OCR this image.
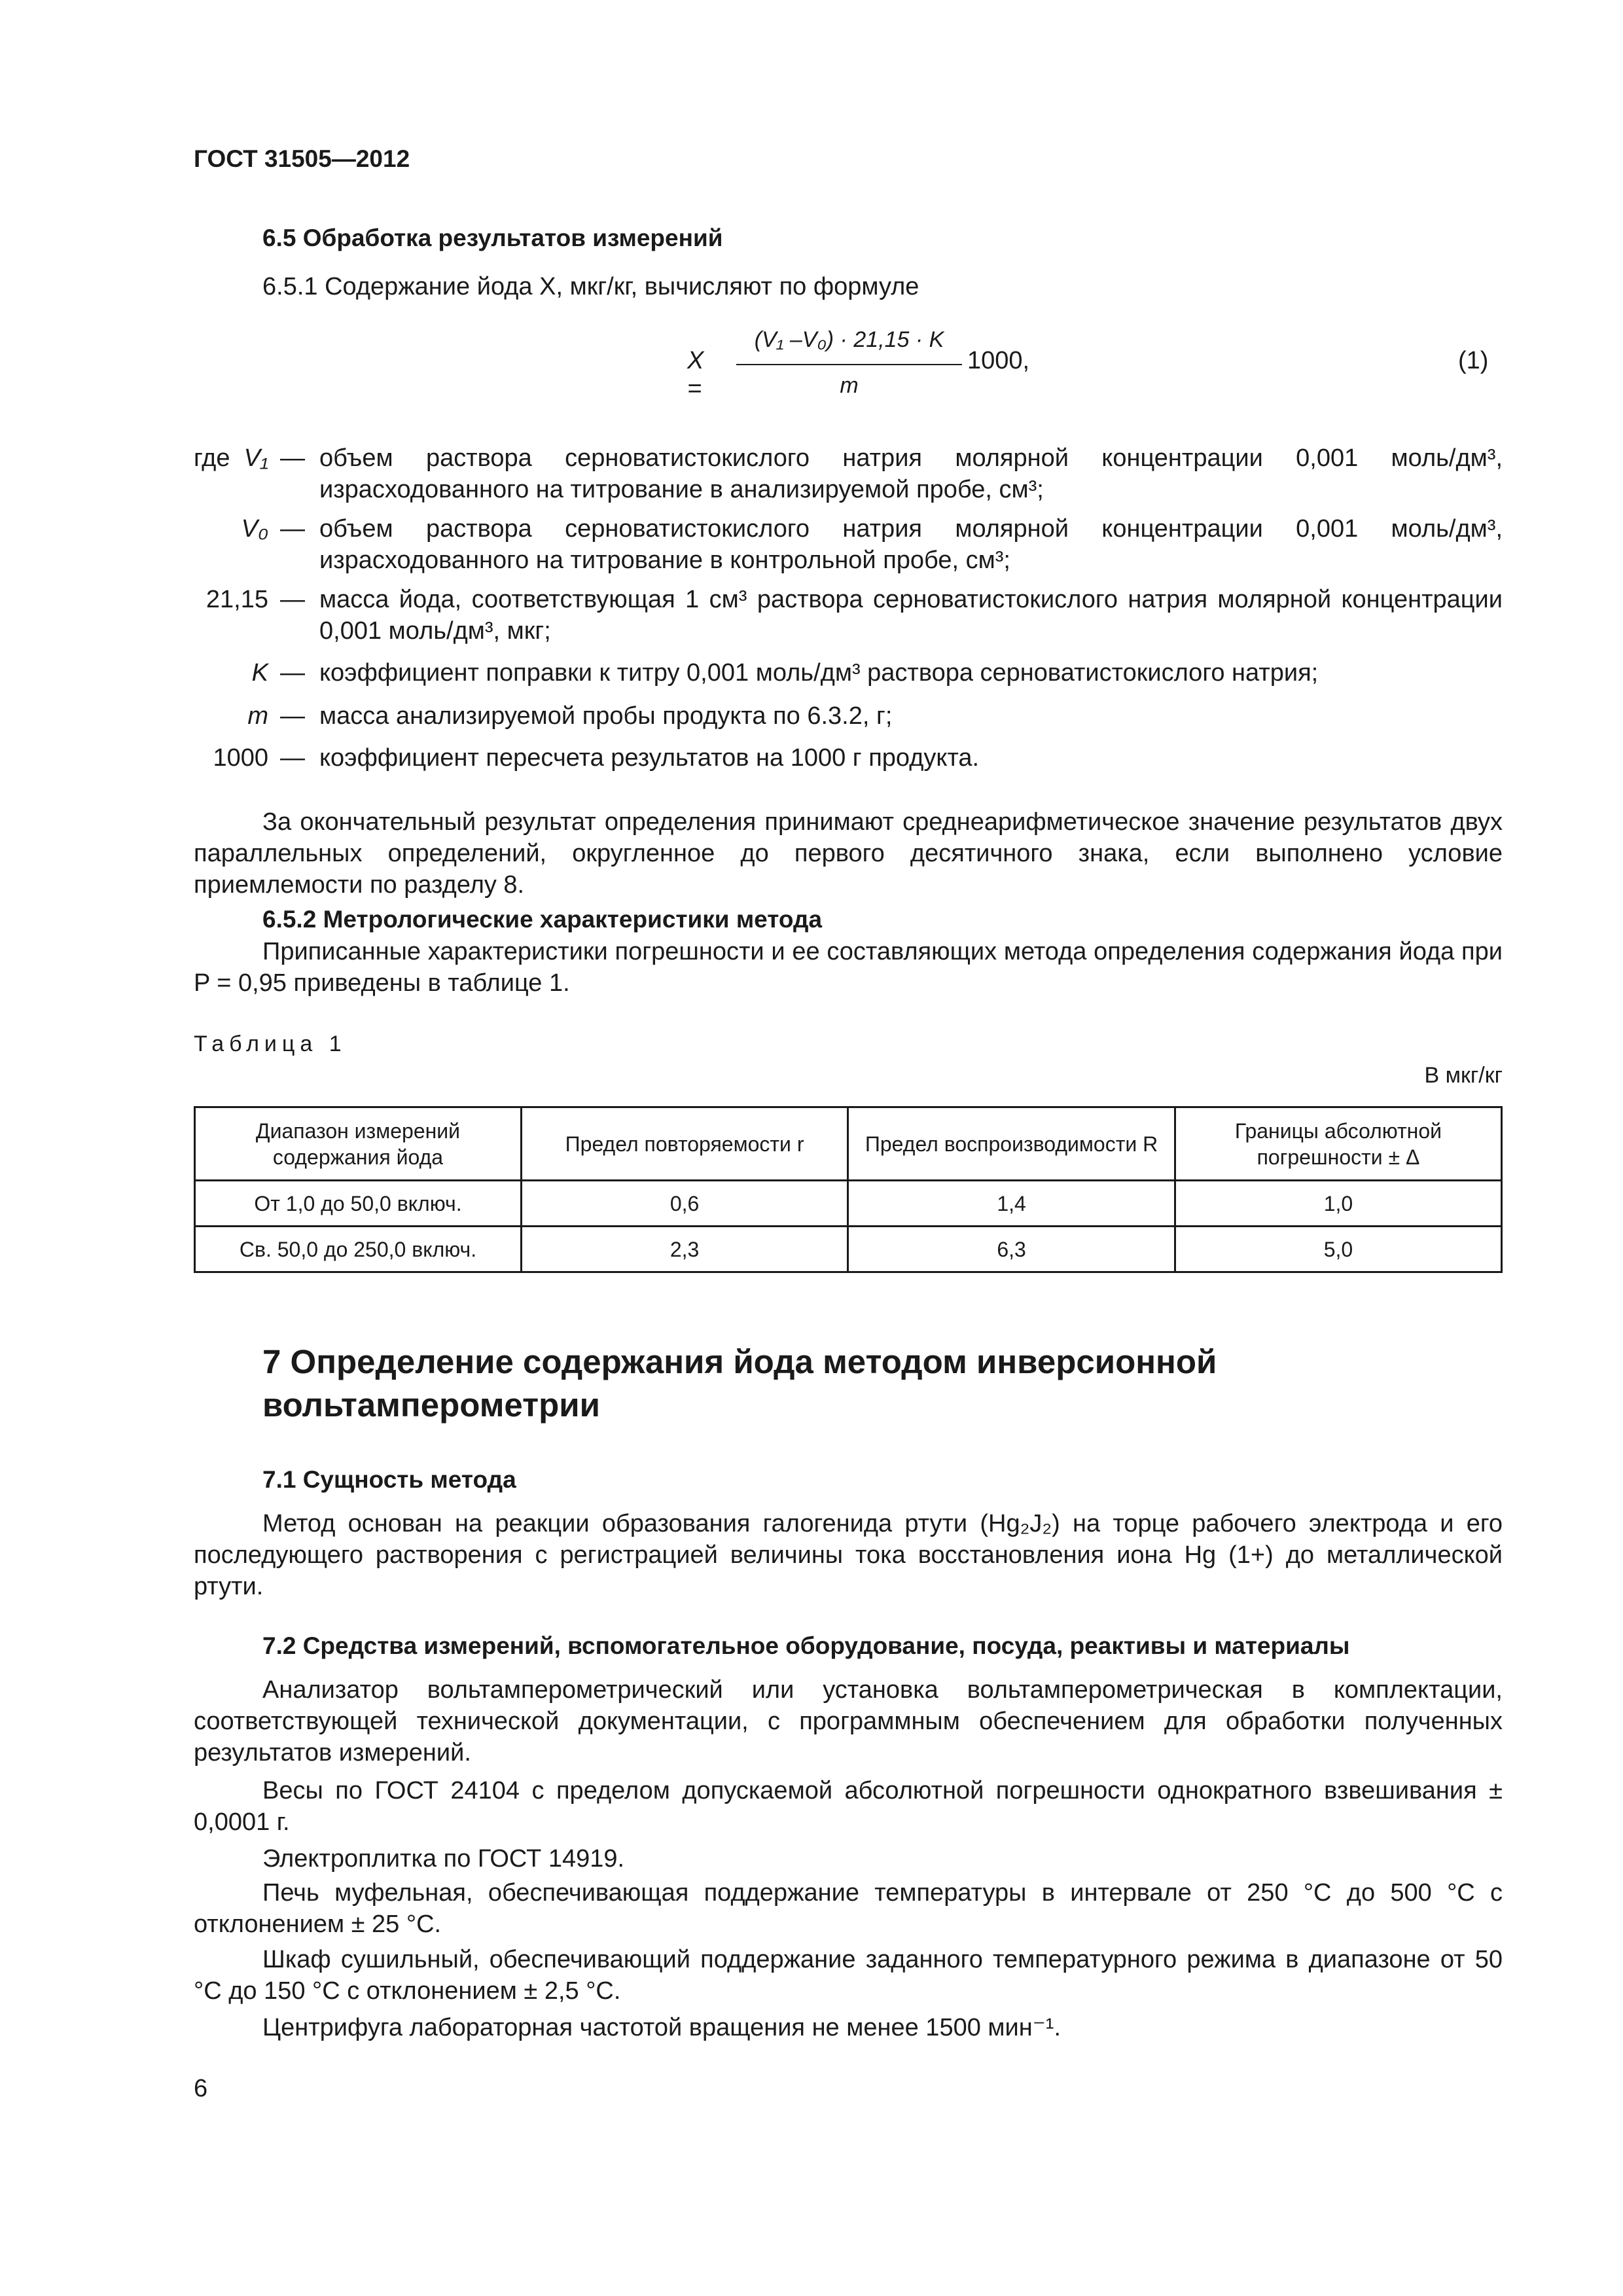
ГОСТ 31505—2012
6.5 Обработка результатов измерений
6.5.1 Содержание йода X, мкг/кг, вычисляют по формуле
X =
(V₁ –V₀) · 21,15 · K
m
1000,	(1)
где V₁ — объем раствора серноватистокислого натрия молярной концентрации 0,001 моль/дм³, израсходованного на титрование в анализируемой пробе, см³;
V₀ — объем раствора серноватистокислого натрия молярной концентрации 0,001 моль/дм³, израсходованного на титрование в контрольной пробе, см³;
21,15 — масса йода, соответствующая 1 см³ раствора серноватистокислого натрия молярной концентрации 0,001 моль/дм³, мкг;
K — коэффициент поправки к титру 0,001 моль/дм³ раствора серноватистокислого натрия;
m — масса анализируемой пробы продукта по 6.3.2, г;
1000 — коэффициент пересчета результатов на 1000 г продукта.
За окончательный результат определения принимают среднеарифметическое значение результатов двух параллельных определений, округленное до первого десятичного знака, если выполнено условие приемлемости по разделу 8.
6.5.2 Метрологические характеристики метода
Приписанные характеристики погрешности и ее составляющих метода определения содержания йода при P = 0,95 приведены в таблице 1.
Таблица 1
В мкг/кг
Диапазон измерений содержания йода	Предел повторяемости r	Предел воспроизводимости R	Границы абсолютной погрешности ± Δ
От 1,0 до 50,0 включ.	0,6	1,4	1,0
Св. 50,0 до 250,0 включ.	2,3	6,3	5,0
7 Определение содержания йода методом инверсионной
вольтамперометрии
7.1 Сущность метода
Метод основан на реакции образования галогенида ртути (Hg₂J₂) на торце рабочего электрода и его последующего растворения с регистрацией величины тока восстановления иона Hg (1+) до металлической ртути.
7.2 Средства измерений, вспомогательное оборудование, посуда, реактивы и материалы
Анализатор вольтамперометрический или установка вольтамперометрическая в комплектации, соответствующей технической документации, с программным обеспечением для обработки полученных результатов измерений.
Весы по ГОСТ 24104 с пределом допускаемой абсолютной погрешности однократного взвешивания ± 0,0001 г.
Электроплитка по ГОСТ 14919.
Печь муфельная, обеспечивающая поддержание температуры в интервале от 250 °С до 500 °С с отклонением ± 25 °С.
Шкаф сушильный, обеспечивающий поддержание заданного температурного режима в диапазоне от 50 °С до 150 °С с отклонением ± 2,5 °С.
Центрифуга лабораторная частотой вращения не менее 1500 мин⁻¹.
6
